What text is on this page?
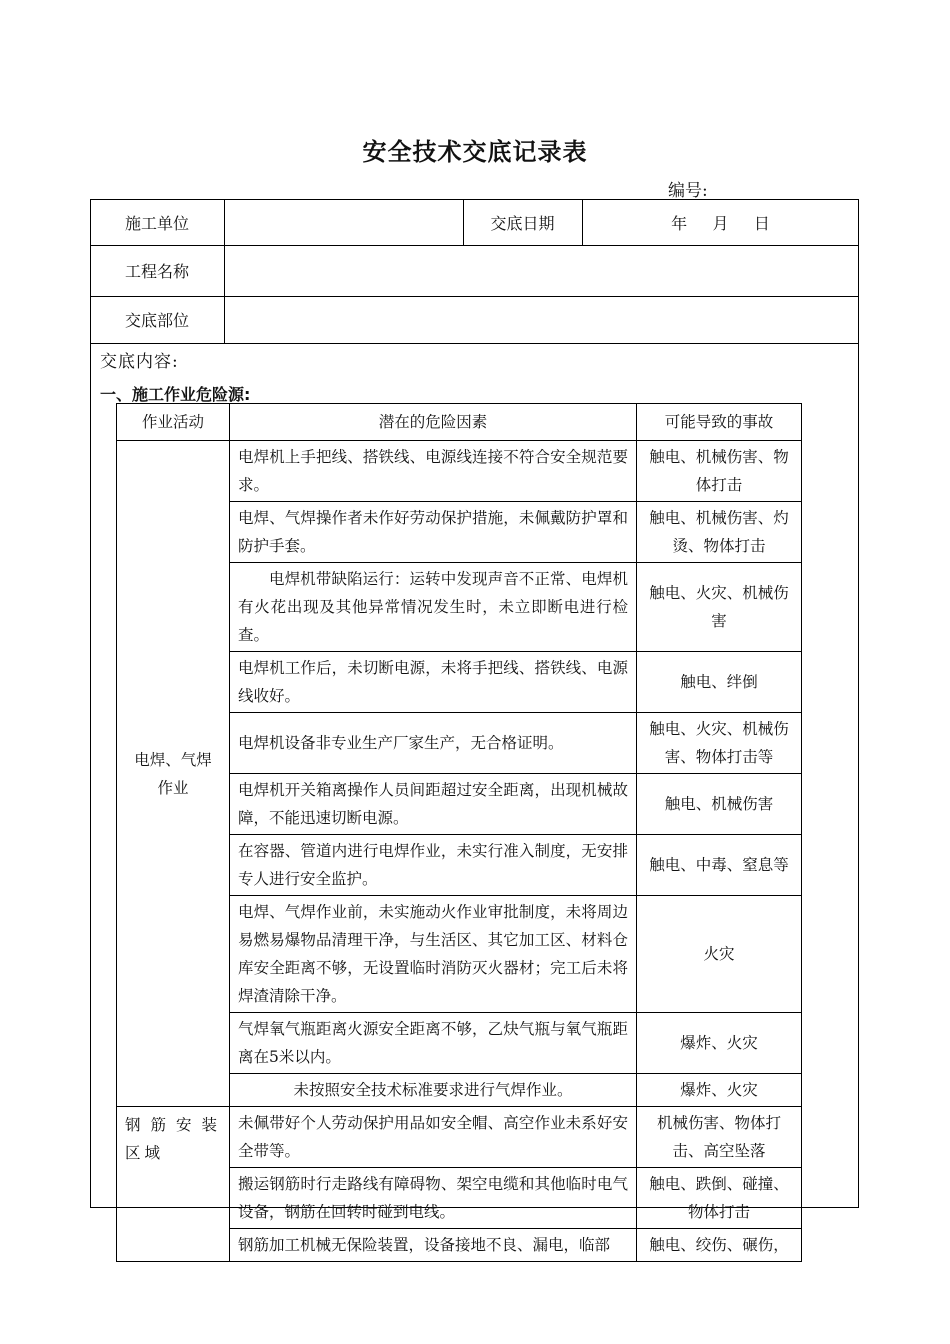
安全技术交底记录表
编号:
施工单位	交底日期	年     月     日
工程名称
交底部位
交底内容:
一、施工作业危险源:
作业活动	潜在的危险因素	可能导致的事故
电焊、气焊作业	电焊机上手把线、搭铁线、电源线连接不符合安全规范要求。	触电、机械伤害、物体打击
	电焊、气焊操作者未作好劳动保护措施，未佩戴防护罩和防护手套。	触电、机械伤害、灼烫、物体打击
	电焊机带缺陷运行：运转中发现声音不正常、电焊机有火花出现及其他异常情况发生时，未立即断电进行检查。	触电、火灾、机械伤害
	电焊机工作后，未切断电源，未将手把线、搭铁线、电源线收好。	触电、绊倒
	电焊机设备非专业生产厂家生产，无合格证明。	触电、火灾、机械伤害、物体打击等
	电焊机开关箱离操作人员间距超过安全距离，出现机械故障，不能迅速切断电源。	触电、机械伤害
	在容器、管道内进行电焊作业，未实行准入制度，无安排专人进行安全监护。	触电、中毒、窒息等
	电焊、气焊作业前，未实施动火作业审批制度，未将周边易燃易爆物品清理干净，与生活区、其它加工区、材料仓库安全距离不够，无设置临时消防灭火器材；完工后未将焊渣清除干净。	火灾
	气焊氧气瓶距离火源安全距离不够，乙炔气瓶与氧气瓶距离在5米以内。	爆炸、火灾
	未按照安全技术标准要求进行气焊作业。	爆炸、火灾
钢筋安装区域	未佩带好个人劳动保护用品如安全帽、高空作业未系好安全带等。	机械伤害、物体打击、高空坠落
	搬运钢筋时行走路线有障碍物、架空电缆和其他临时电气设备，钢筋在回转时碰到电线。	触电、跌倒、碰撞、物体打击
	钢筋加工机械无保险装置，设备接地不良、漏电，临部	触电、绞伤、碾伤，
